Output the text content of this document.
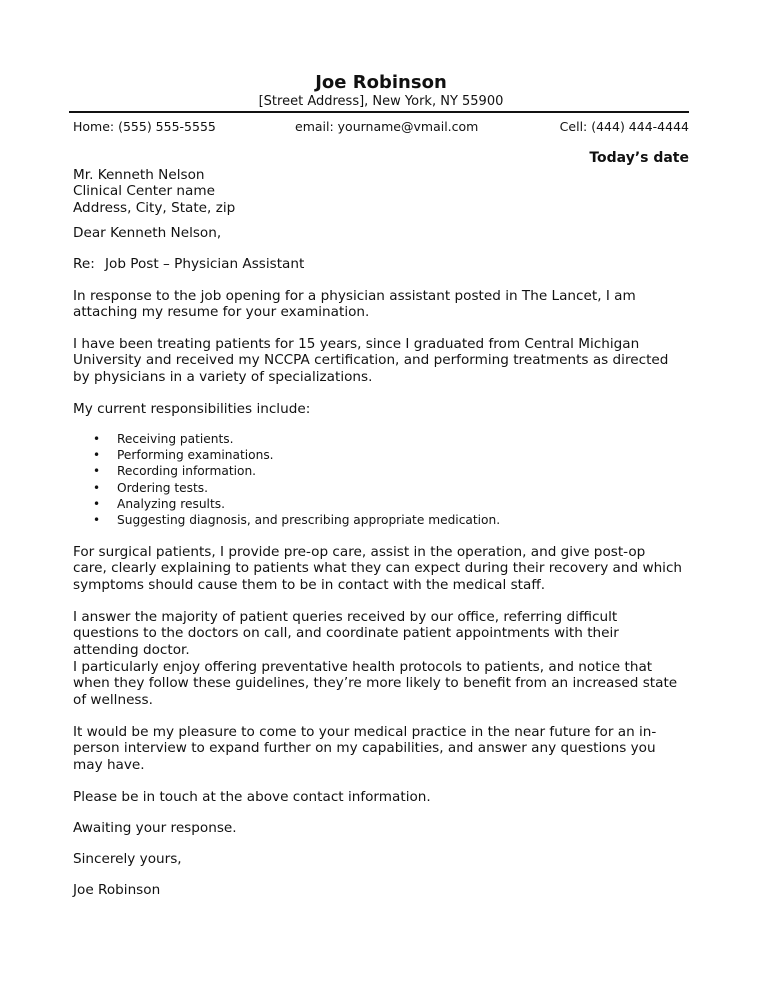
Joe Robinson
[Street Address], New York, NY 55900
Home: (555) 555-5555	email: yourname@vmail.com	Cell: (444) 444-4444
Today’s date
Mr. Kenneth Nelson
Clinical Center name
Address, City, State, zip
Dear Kenneth Nelson,
Re: Job Post – Physician Assistant
In response to the job opening for a physician assistant posted in The Lancet, I am
attaching my resume for your examination.
I have been treating patients for 15 years, since I graduated from Central Michigan
University and received my NCCPA certification, and performing treatments as directed
by physicians in a variety of specializations.
My current responsibilities include:
• Receiving patients.
• Performing examinations.
• Recording information.
• Ordering tests.
• Analyzing results.
• Suggesting diagnosis, and prescribing appropriate medication.
For surgical patients, I provide pre-op care, assist in the operation, and give post-op
care, clearly explaining to patients what they can expect during their recovery and which
symptoms should cause them to be in contact with the medical staff.
I answer the majority of patient queries received by our office, referring difficult
questions to the doctors on call, and coordinate patient appointments with their
attending doctor.
I particularly enjoy offering preventative health protocols to patients, and notice that
when they follow these guidelines, they’re more likely to benefit from an increased state
of wellness.
It would be my pleasure to come to your medical practice in the near future for an in-
person interview to expand further on my capabilities, and answer any questions you
may have.
Please be in touch at the above contact information.
Awaiting your response.
Sincerely yours,
Joe Robinson
